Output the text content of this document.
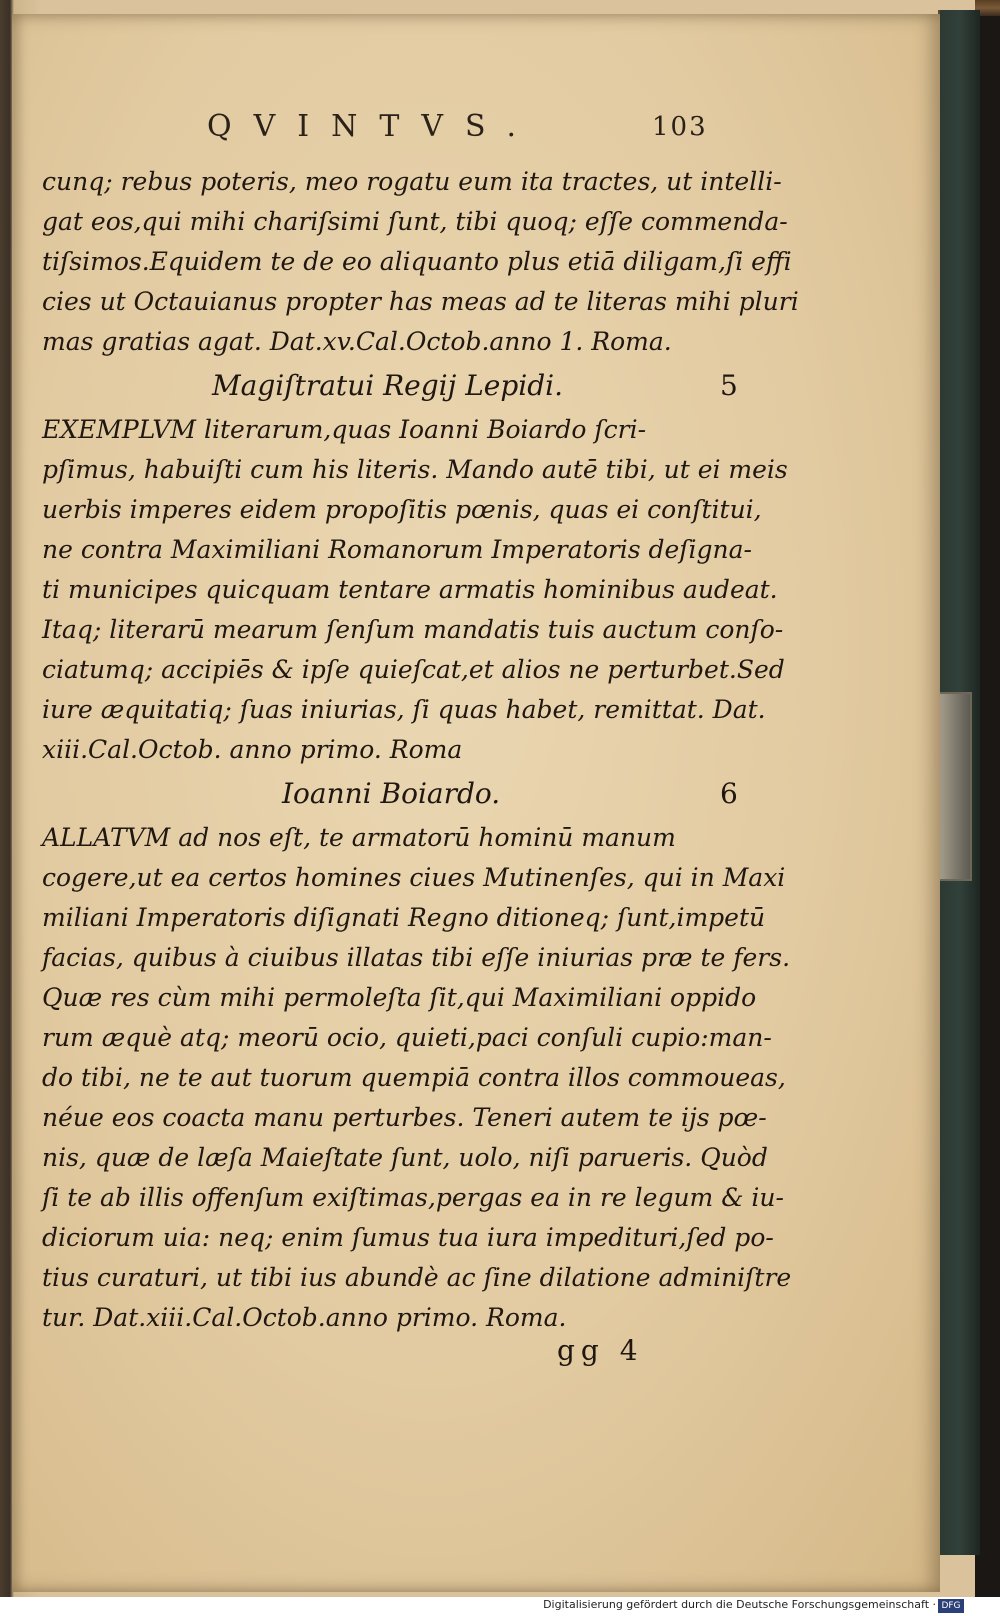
QVINTVS.	103
cunq; rebus poteris, meo rogatu eum ita tractes, ut intelli-
gat eos,qui mihi chariſsimi ſunt, tibi quoq; eſſe commenda-
tiſsimos.Equidem te de eo aliquanto plus etiā diligam,ſi effi
cies ut Octauianus propter has meas ad te literas mihi pluri
mas gratias agat. Dat.xv.Cal.Octob.anno 1. Roma.
Magiſtratui Regij Lepidi.	5
EXEMPLVM literarum,quas Ioanni Boiardo ſcri-
pſimus, habuiſti cum his literis. Mando autē tibi, ut ei meis
uerbis imperes eidem propoſitis pœnis, quas ei conſtitui,
ne contra Maximiliani Romanorum Imperatoris deſigna-
ti municipes quicquam tentare armatis hominibus audeat.
Itaq; literarū mearum ſenſum mandatis tuis auctum conſo-
ciatumq; accipiēs & ipſe quieſcat,et alios ne perturbet.Sed
iure æquitatiq; ſuas iniurias, ſi quas habet, remittat. Dat.
xiii.Cal.Octob. anno primo. Roma
Ioanni Boiardo.	6
ALLATVM ad nos eſt, te armatorū hominū manum
cogere,ut ea certos homines ciues Mutinenſes, qui in Maxi
miliani Imperatoris diſignati Regno ditioneq; ſunt,impetū
facias, quibus à ciuibus illatas tibi eſſe iniurias præ te fers.
Quæ res cùm mihi permoleſta ſit,qui Maximiliani oppido
rum æquè atq; meorū ocio, quieti,paci conſuli cupio:man-
do tibi, ne te aut tuorum quempiā contra illos commoueas,
néue eos coacta manu perturbes. Teneri autem te ijs pœ-
nis, quæ de læſa Maieſtate ſunt, uolo, niſi parueris. Quòd
ſi te ab illis offenſum exiſtimas,pergas ea in re legum & iu-
diciorum uia: neq; enim ſumus tua iura impedituri,ſed po-
tius curaturi, ut tibi ius abundè ac ſine dilatione adminiſtre
tur. Dat.xiii.Cal.Octob.anno primo. Roma.
gg 4
Digitalisierung gefördert durch die Deutsche Forschungsgemeinschaft · DFG
